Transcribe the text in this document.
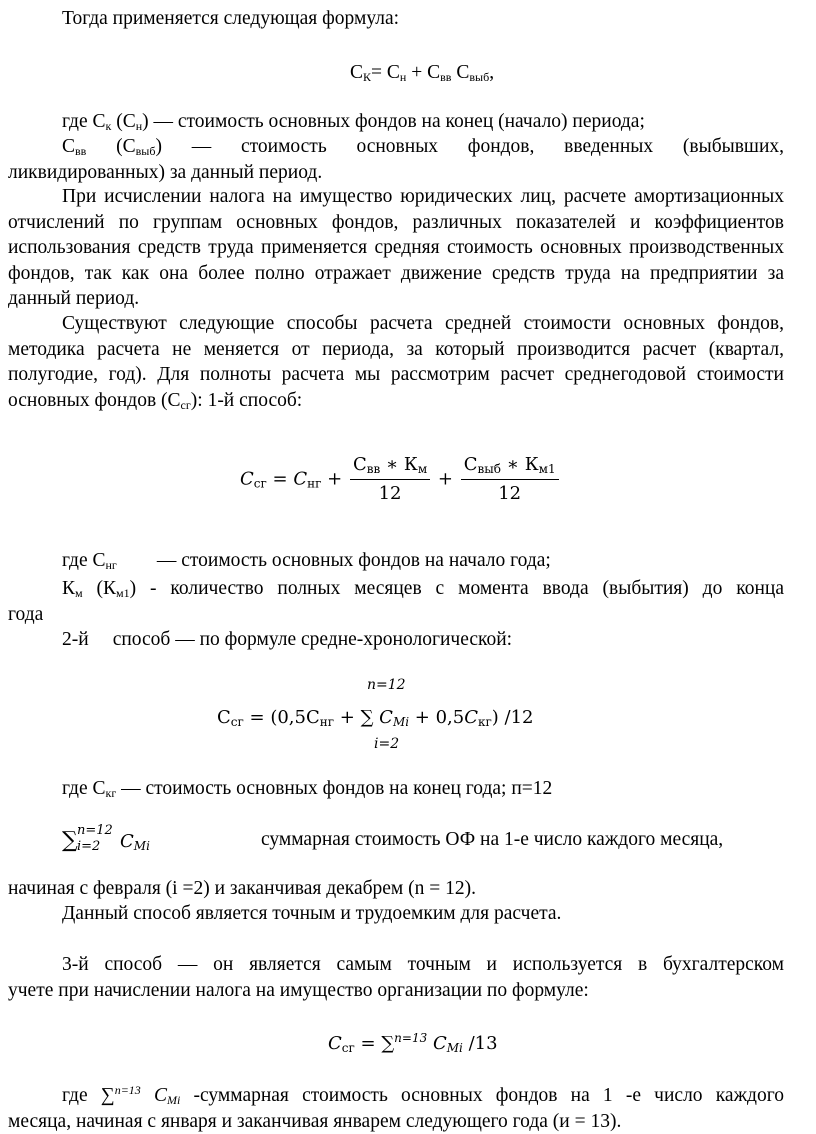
Тогда применяется следующая формула:
$С_К= С_н + С_{вв}$ $С_{выб}$,
где $С_к$ $(С_н)$ — стоимость основных фондов на конец (начало) периода;
$С_{вв}$ $(С_{выб})$ — стоимость основных фондов, введенных (выбывших,
ликвидированных) за данный период.
При исчислении налога на имущество юридических лиц, расчете амортизационных отчислений по группам основных фондов, различных показателей и коэффициентов использования средств труда применяется средняя стоимость основных производственных фондов, так как она более полно отражает движение средств труда на предприятии за данный период.
Существуют следующие способы расчета средней стоимости основных фондов, методика расчета не меняется от периода, за который производится расчет (квартал, полугодие, год). Для полноты расчета мы рассмотрим расчет среднегодовой стоимости основных фондов $(С_{сг})$: 1-й способ:
$C_{сг} = C_{нг} + \frac{С_{вв} ∗ К_м}{12} + \frac{С_{выб} ∗ К_{м1}}{12}$
где $С_{нг}$ — стоимость основных фондов на начало года;
$К_м$ $(К_{м1})$ - количество полных месяцев с момента ввода (выбытия) до конца
года
2-й способ — по формуле средне-хронологической:
n=12
i=2
$С_{сг} = (0,5С_{нг}$ + ∑ $C_{Mi} + 0,5C_{кг}$) /12
где $С_{кг}$ — стоимость основных фондов на конец года; п=12
∑ n=12
i=2 $C_{Mi}$	суммарная стоимость ОФ на 1-е число каждого месяца,
начиная с февраля (i =2) и заканчивая декабрем (n = 12).
Данный способ является точным и трудоемким для расчета.
3-й способ — он является самым точным и используется в бухгалтерском
учете при начислении налога на имущество организации по формуле:
$C_{сг} = \sum^{n=13}$ $C_{Mi}$ /13
где ∑$^{n=13}$ $C_{Mi}$ -суммарная стоимость основных фондов на 1 -е число каждого
месяца, начиная с января и заканчивая январем следующего года (и = 13).
